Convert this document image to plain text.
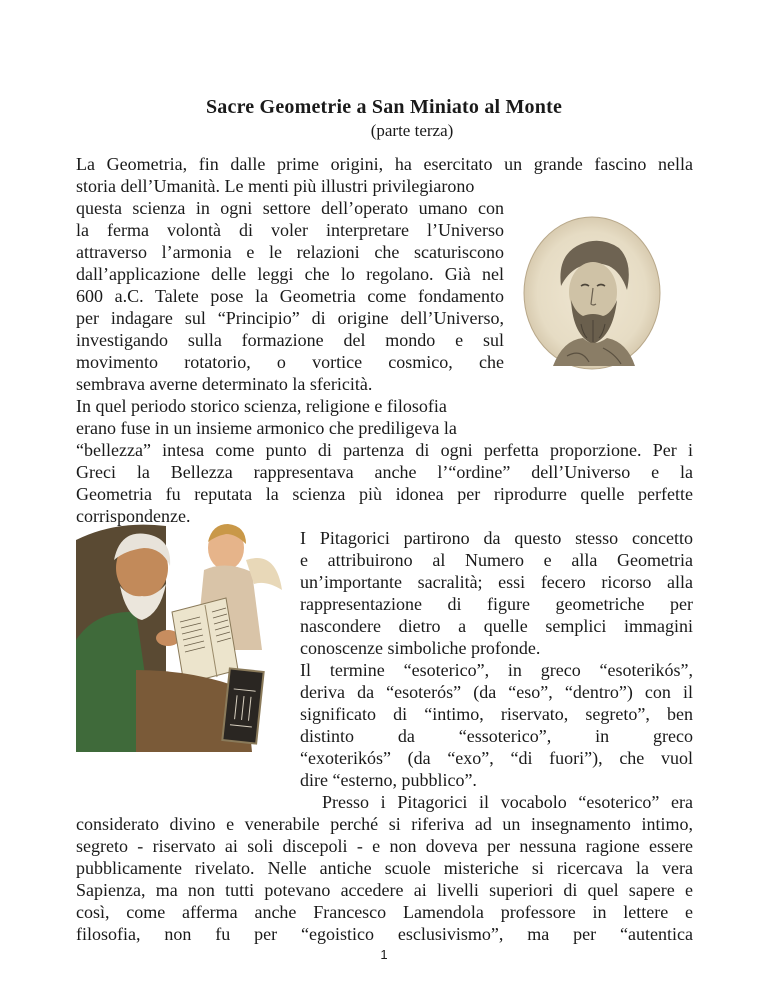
Sacre Geometrie a San Miniato al Monte
(parte terza)
La Geometria, fin dalle prime origini, ha esercitato un grande fascino nella
storia dell’Umanità. Le menti più illustri privilegiarono
questa scienza in ogni settore dell’operato umano con
la ferma volontà di voler interpretare l’Universo
attraverso l’armonia e le relazioni che scaturiscono
dall’applicazione delle leggi che lo regolano. Già nel
600 a.C. Talete pose la Geometria come fondamento
per indagare sul “Principio” di origine dell’Universo,
investigando sulla formazione del mondo e sul
movimento rotatorio, o vortice cosmico, che
sembrava averne determinato la sfericità.
In quel periodo storico scienza, religione e filosofia
erano fuse in un insieme armonico che prediligeva la
“bellezza” intesa come punto di partenza di ogni perfetta proporzione. Per i
Greci la Bellezza rappresentava anche l’“ordine” dell’Universo e la
Geometria fu reputata la scienza più idonea per riprodurre quelle perfette
corrispondenze.
I Pitagorici partirono da questo stesso concetto
e attribuirono al Numero e alla Geometria
un’importante sacralità; essi fecero ricorso alla
rappresentazione di figure geometriche per
nascondere dietro a quelle semplici immagini
conoscenze simboliche profonde.
Il termine “esoterico”, in greco “esoterikós”,
deriva da “esoterós” (da “eso”, “dentro”) con il
significato di “intimo, riservato, segreto”, ben
distinto da “essoterico”, in greco
“exoterikós” (da “exo”, “di fuori”), che vuol
dire “esterno, pubblico”.
Presso i Pitagorici il vocabolo “esoterico” era
considerato divino e venerabile perché si riferiva ad un insegnamento intimo,
segreto - riservato ai soli discepoli - e non doveva per nessuna ragione essere
pubblicamente rivelato. Nelle antiche scuole misteriche si ricercava la vera
Sapienza, ma non tutti potevano accedere ai livelli superiori di quel sapere e
così, come afferma anche Francesco Lamendola professore in lettere e
filosofia, non fu per “egoistico esclusivismo”, ma per “autentica
1
